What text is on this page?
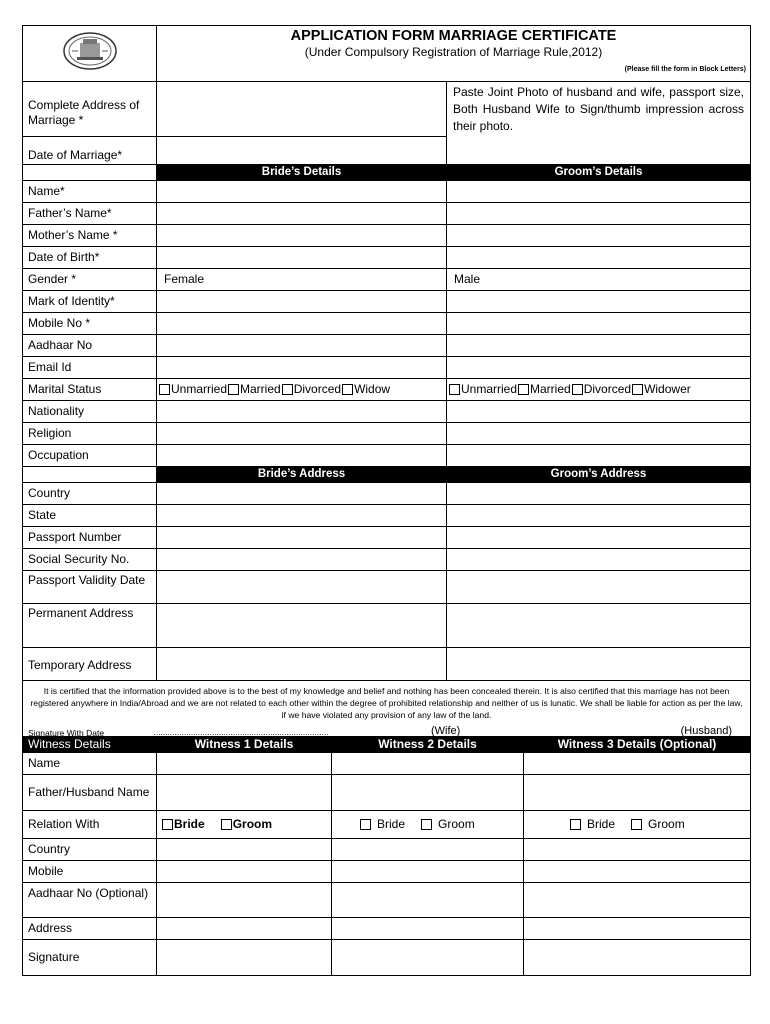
APPLICATION FORM MARRIAGE CERTIFICATE
(Under Compulsory Registration of Marriage Rule,2012)
(Please fill the form in Block Letters)	

Complete Address of Marriage *		Paste Joint Photo of husband and wife, passport size, Both Husband Wife to Sign/thumb impression across their photo.
Date of Marriage*		
	Bride’s Details	Groom’s Details
Name*		
Father’s Name*		
Mother’s Name *		
Date of Birth*		
Gender *	Female	Male
Mark of Identity*		
Mobile No *		
Aadhaar No		
Email Id		
Marital Status	Unmarried Married Divorced Widow	Unmarried Married Divorced Widower
Nationality		
Religion		
Occupation		
	Bride’s Address	Groom’s Address
Country		
State		
Passport Number		
Social Security No.		
Passport Validity Date		
Permanent Address		
Temporary Address		

It is certified that the information provided above is to the best of my knowledge and belief and nothing has been concealed therein. It is also certified that this marriage has not been registered anywhere in India/Abroad and we are not related to each other within the degree of prohibited relationship and neither of us is lunatic. We shall be liable for action as per the law, if we have violated any provision of any law of the land.
Signature With Date ………………………………………………………………… (Wife) (Husband)		
Witness Details	Witness 1 Details	Witness 2 Details	Witness 3 Details (Optional)
Name			
Father/Husband Name			
Relation With	Bride Groom	Bride Groom	Bride Groom
Country			
Mobile			
Aadhaar No (Optional)			
Address			
Signature			
